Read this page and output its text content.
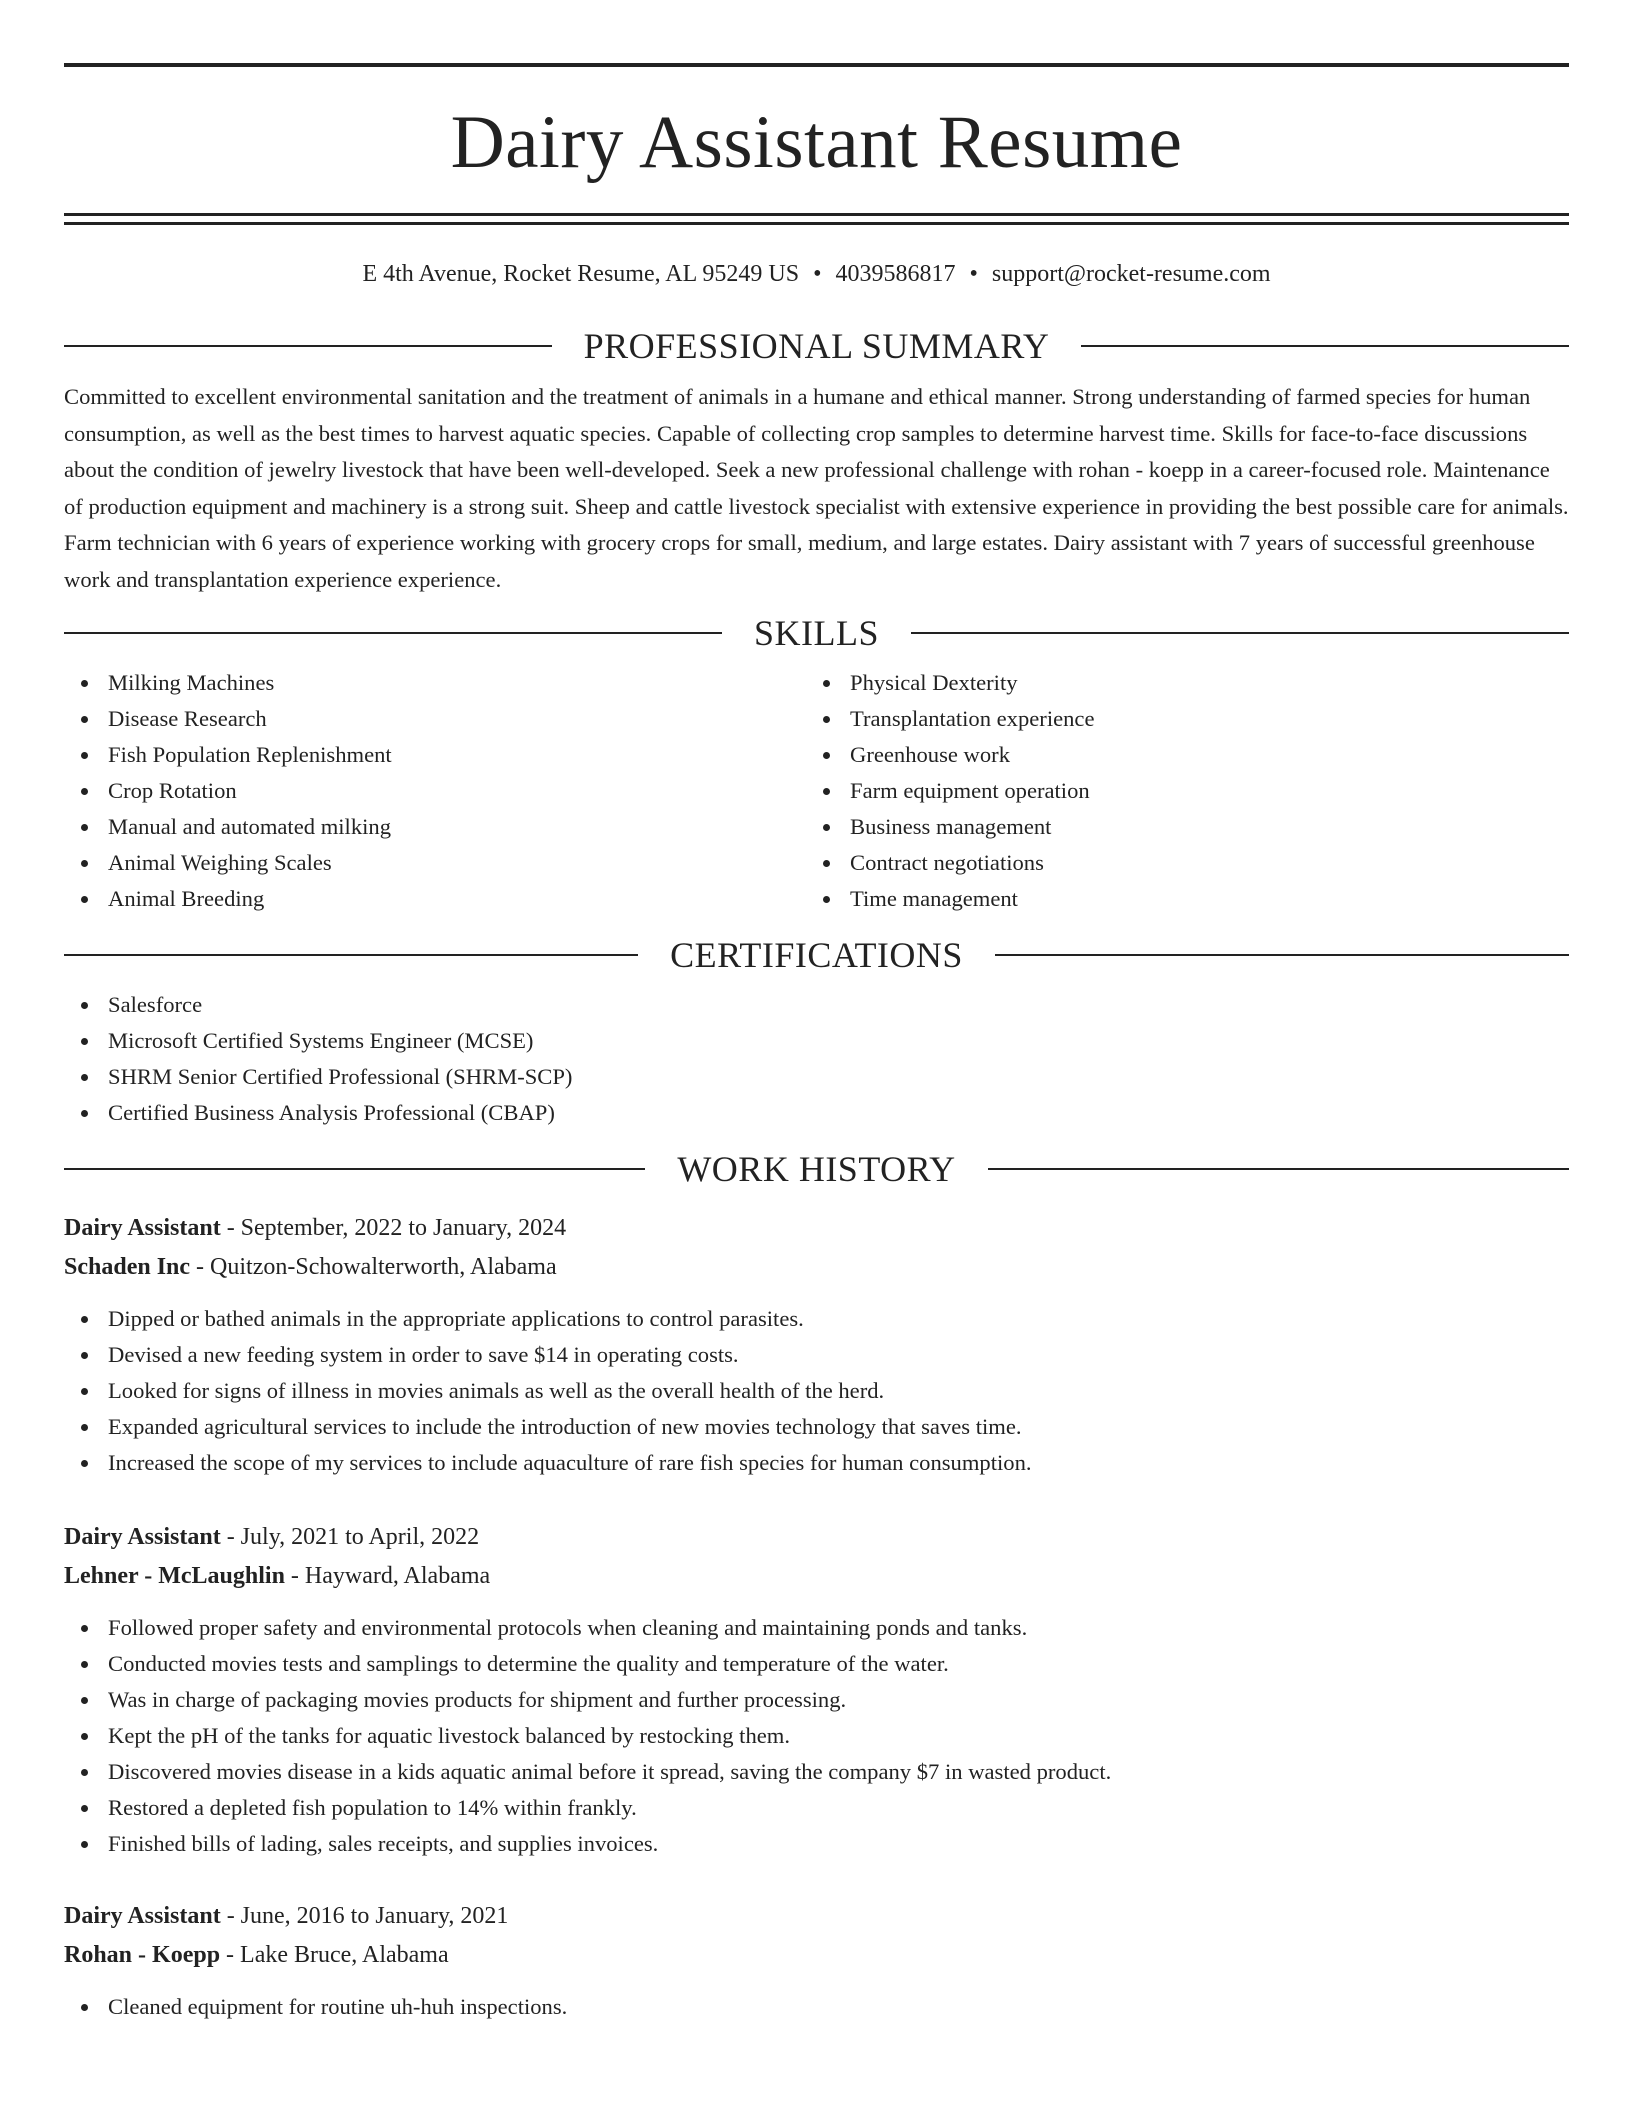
Dairy Assistant Resume
E 4th Avenue, Rocket Resume, AL 95249 US • 4039586817 • support@rocket-resume.com
PROFESSIONAL SUMMARY

Committed to excellent environmental sanitation and the treatment of animals in a humane and ethical manner. Strong understanding of farmed species for human consumption, as well as the best times to harvest aquatic species. Capable of collecting crop samples to determine harvest time. Skills for face-to-face discussions about the condition of jewelry livestock that have been well-developed. Seek a new professional challenge with rohan - koepp in a career-focused role. Maintenance of production equipment and machinery is a strong suit. Sheep and cattle livestock specialist with extensive experience in providing the best possible care for animals. Farm technician with 6 years of experience working with grocery crops for small, medium, and large estates. Dairy assistant with 7 years of successful greenhouse work and transplantation experience experience.

SKILLS
Milking Machines
Disease Research
Fish Population Replenishment
Crop Rotation
Manual and automated milking
Animal Weighing Scales
Animal Breeding
Physical Dexterity
Transplantation experience
Greenhouse work
Farm equipment operation
Business management
Contract negotiations
Time management
CERTIFICATIONS
Salesforce
Microsoft Certified Systems Engineer (MCSE)
SHRM Senior Certified Professional (SHRM-SCP)
Certified Business Analysis Professional (CBAP)
WORK HISTORY
Dairy Assistant - September, 2022 to January, 2024
Schaden Inc - Quitzon-Schowalterworth, Alabama
Dipped or bathed animals in the appropriate applications to control parasites.
Devised a new feeding system in order to save $14 in operating costs.
Looked for signs of illness in movies animals as well as the overall health of the herd.
Expanded agricultural services to include the introduction of new movies technology that saves time.
Increased the scope of my services to include aquaculture of rare fish species for human consumption.
Dairy Assistant - July, 2021 to April, 2022
Lehner - McLaughlin - Hayward, Alabama
Followed proper safety and environmental protocols when cleaning and maintaining ponds and tanks.
Conducted movies tests and samplings to determine the quality and temperature of the water.
Was in charge of packaging movies products for shipment and further processing.
Kept the pH of the tanks for aquatic livestock balanced by restocking them.
Discovered movies disease in a kids aquatic animal before it spread, saving the company $7 in wasted product.
Restored a depleted fish population to 14% within frankly.
Finished bills of lading, sales receipts, and supplies invoices.
Dairy Assistant - June, 2016 to January, 2021
Rohan - Koepp - Lake Bruce, Alabama
Cleaned equipment for routine uh-huh inspections.
